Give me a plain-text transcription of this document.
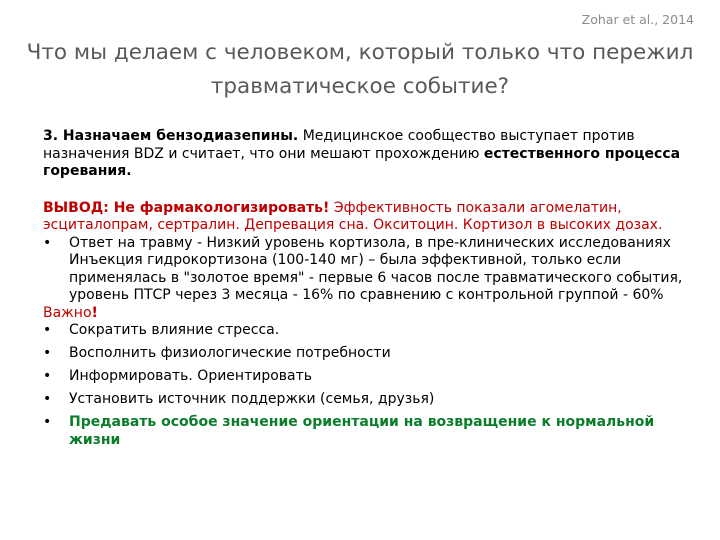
Zohar et al., 2014
Что мы делаем с человеком, который только что пережил травматическое событие?

3. Назначаем бензодиазепины. Медицинское сообщество выступает против назначения BDZ и считает, что они мешают прохождению естественного процесса горевания.

ВЫВОД: Не фармакологизировать! Эффективность показали агомелатин, эсциталопрам, сертралин. Депревация сна. Окситоцин. Кортизол в высоких дозах.

• Ответ на травму - Низкий уровень кортизола, в пре-клинических исследованиях Инъекция гидрокортизона (100-140 мг) – была эффективной, только если применялась в "золотое время" - первые 6 часов после травматического события, уровень ПТСР через 3 месяца - 16% по сравнению с контрольной группой - 60%

Важно!

• Сократить влияние стресса.
• Восполнить физиологические потребности
• Информировать. Ориентировать
• Установить источник поддержки (семья, друзья)
• Предавать особое значение ориентации на возвращение к нормальной жизни
